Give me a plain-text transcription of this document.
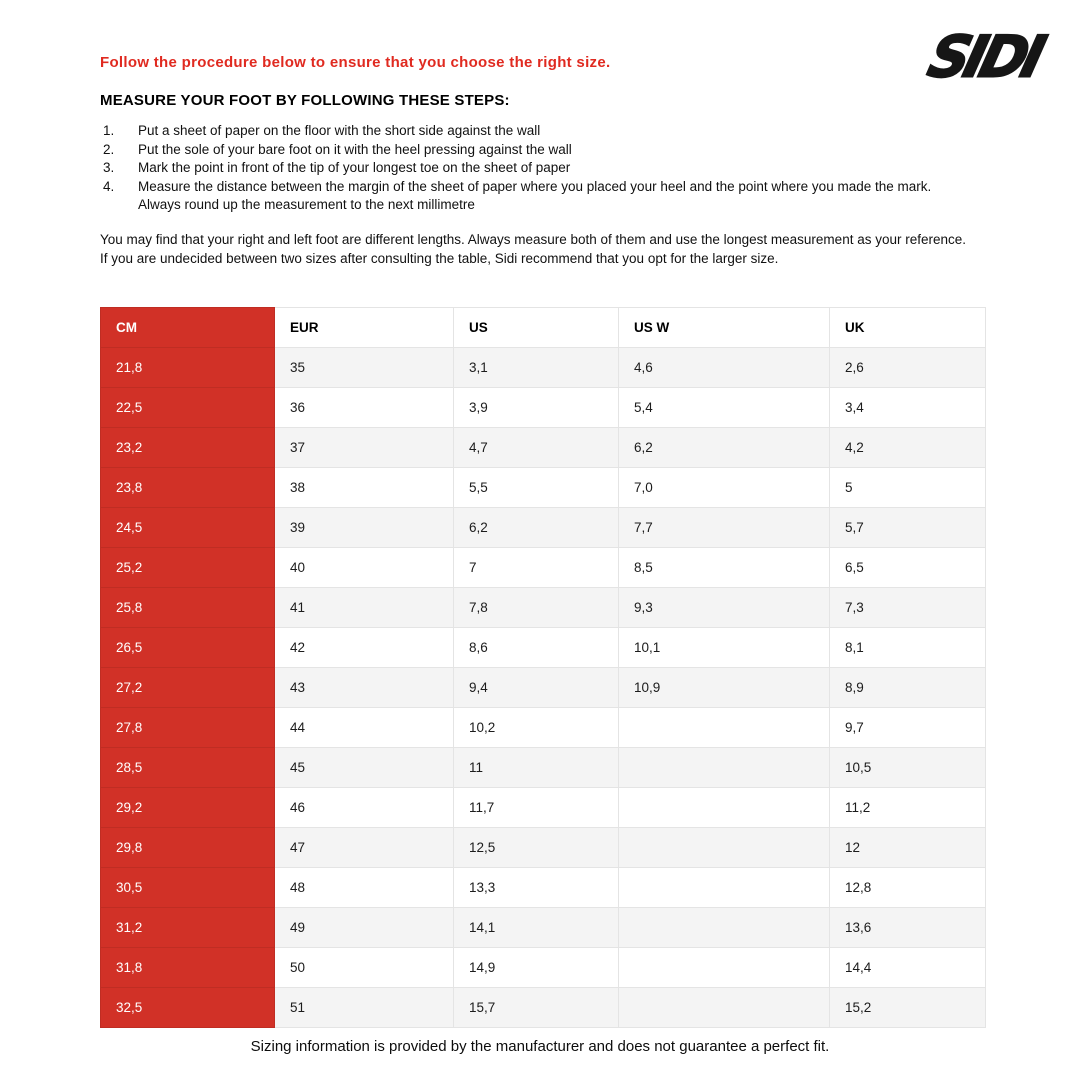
Follow the procedure below to ensure that you choose the right size.	SIDI
MEASURE YOUR FOOT BY FOLLOWING THESE STEPS:
1.	Put a sheet of paper on the floor with the short side against the wall
2.	Put the sole of your bare foot on it with the heel pressing against the wall
3.	Mark the point in front of the tip of your longest toe on the sheet of paper
4.	Measure the distance between the margin of the sheet of paper where you placed your heel and the point where you made the mark. Always round up the measurement to the next millimetre

You may find that your right and left foot are different lengths. Always measure both of them and use the longest measurement as your reference.

If you are undecided between two sizes after consulting the table, Sidi recommend that you opt for the larger size.

CM	EUR	US	US W	UK
21,8	35	3,1	4,6	2,6
22,5	36	3,9	5,4	3,4
23,2	37	4,7	6,2	4,2
23,8	38	5,5	7,0	5
24,5	39	6,2	7,7	5,7
25,2	40	7	8,5	6,5
25,8	41	7,8	9,3	7,3
26,5	42	8,6	10,1	8,1
27,2	43	9,4	10,9	8,9
27,8	44	10,2		9,7
28,5	45	11		10,5
29,2	46	11,7		11,2
29,8	47	12,5		12
30,5	48	13,3		12,8
31,2	49	14,1		13,6
31,8	50	14,9		14,4
32,5	51	15,7		15,2
Sizing information is provided by the manufacturer and does not guarantee a perfect fit.
